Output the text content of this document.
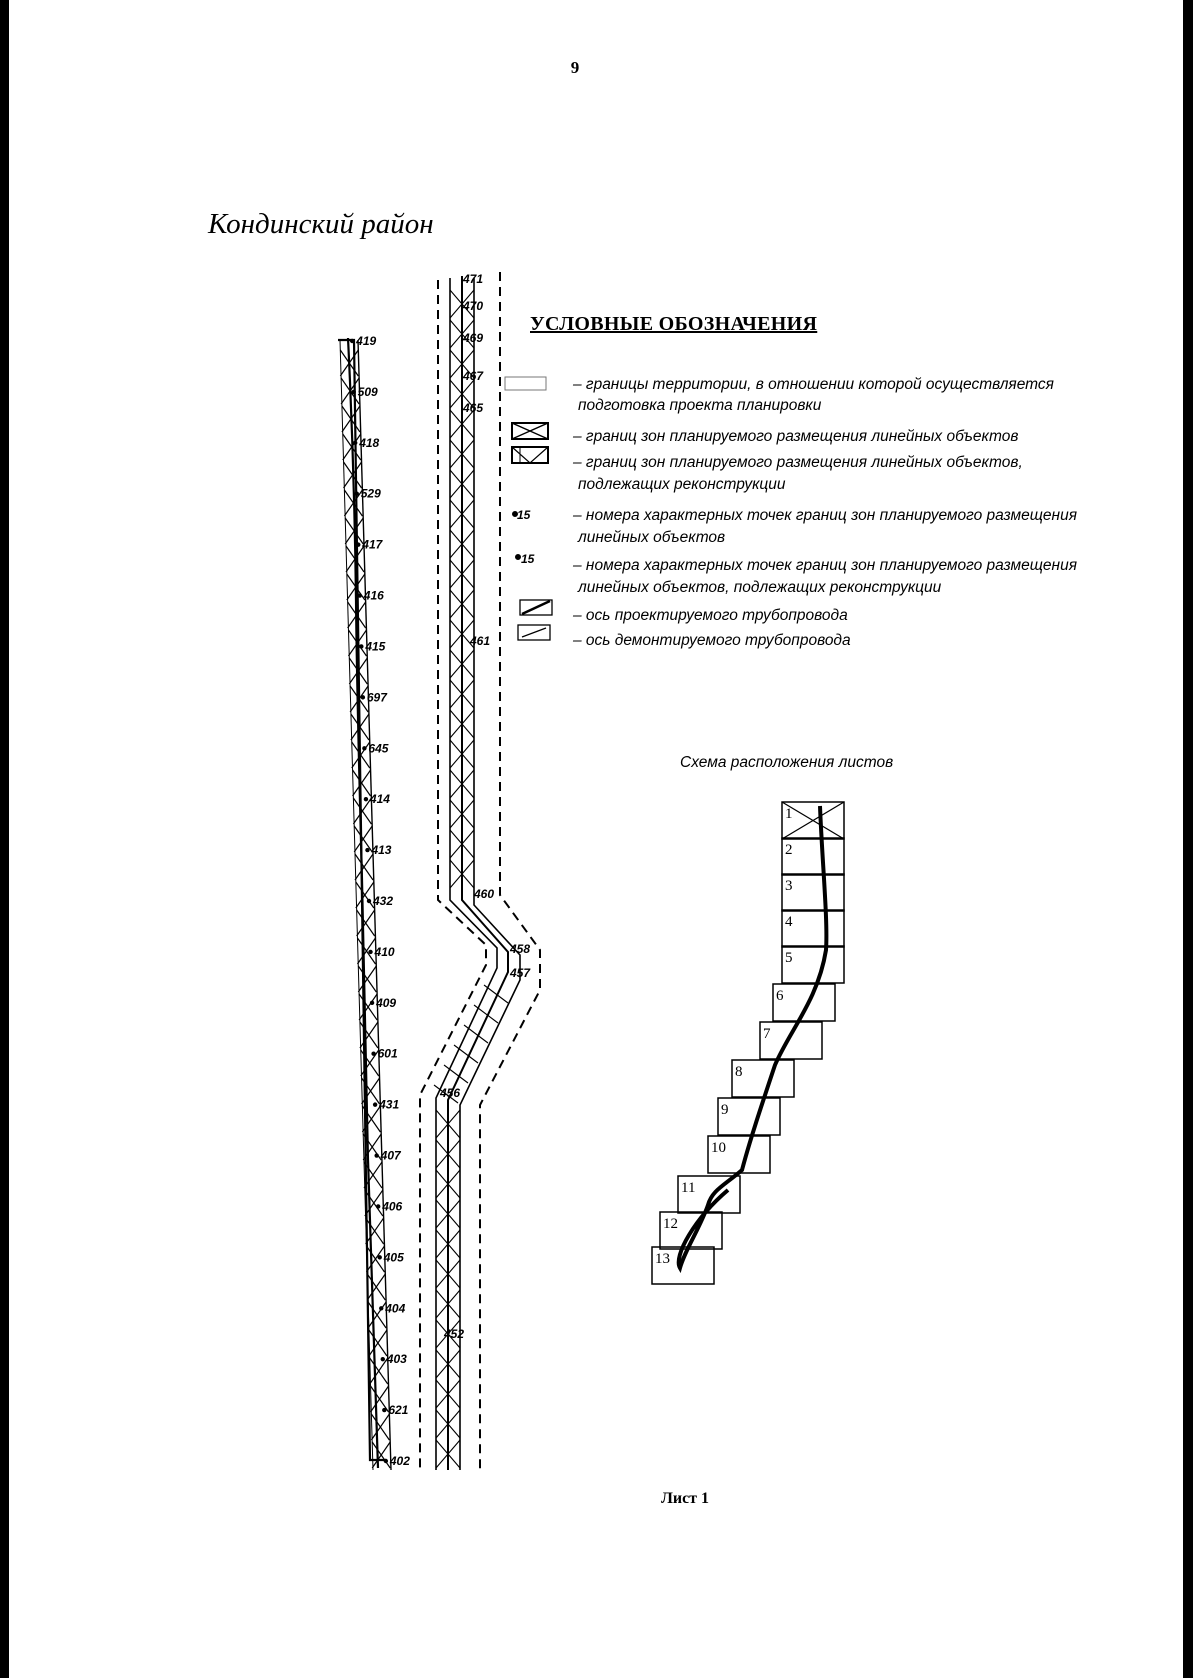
9
Кондинский район
419
509
418
529
417
416
415
697
645
414
413
432
410
409
601
431
407
406
405
404
403
621
402
471
470
469
467
465
461
460
458
457
456
452
15
15
1
2
3
4
5
6
7
8
9
10
11
12
13
УСЛОВНЫЕ ОБОЗНАЧЕНИЯ
– границы территории, в отношении которой осуществляется
подготовка проекта планировки
– границ зон планируемого размещения линейных объектов
– границ зон планируемого размещения линейных объектов,
подлежащих реконструкции
– номера характерных точек границ зон планируемого размещения
линейных объектов
– номера характерных точек границ зон планируемого размещения
линейных объектов, подлежащих реконструкции
– ось проектируемого трубопровода
– ось демонтируемого трубопровода
Схема расположения листов
Лист 1
